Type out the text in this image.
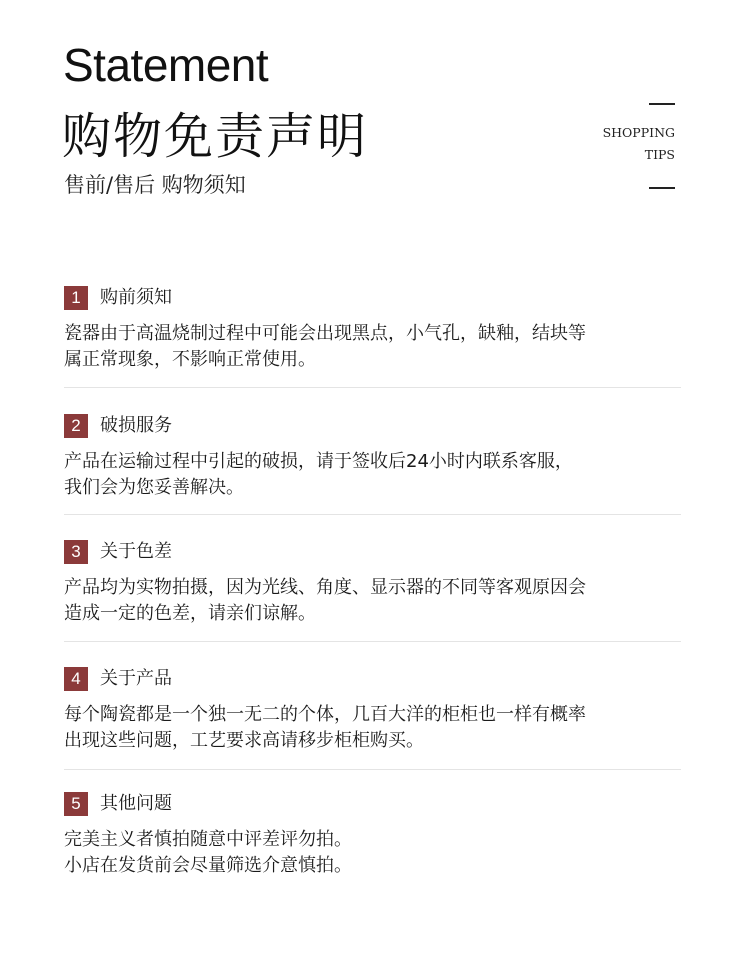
Statement
购物免责声明
售前/售后 购物须知
SHOPPING
TIPS
1	购前须知
瓷器由于高温烧制过程中可能会出现黑点，小气孔，缺釉，结块等
属正常现象，不影响正常使用。
2	破损服务
产品在运输过程中引起的破损，请于签收后24小时内联系客服，
我们会为您妥善解决。
3	关于色差
产品均为实物拍摄，因为光线、角度、显示器的不同等客观原因会
造成一定的色差，请亲们谅解。
4	关于产品
每个陶瓷都是一个独一无二的个体，几百大洋的柜柜也一样有概率
出现这些问题，工艺要求高请移步柜柜购买。
5	其他问题
完美主义者慎拍随意中评差评勿拍。
小店在发货前会尽量筛选介意慎拍。
